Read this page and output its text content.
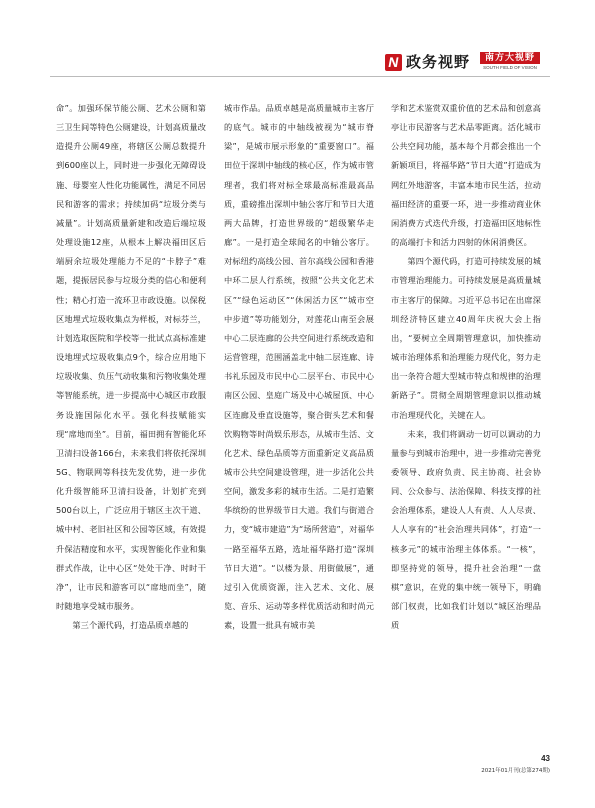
N 政务视野	南方大视野
SOUTH FIELD OF VISION

命”。加强环保节能公厕、艺术公厕和第三卫生间等特色公厕建设，计划高质量改造提升公厕49座，将辖区公厕总数提升到600座以上，同时进一步强化无障碍设施、母婴室人性化功能属性，满足不同居民和游客的需求；持续加码“垃圾分类与减量”。计划高质量新建和改造后端垃圾处理设施12座，从根本上解决福田区后端厨余垃圾处理能力不足的“卡脖子”难题，提振居民参与垃圾分类的信心和便利性；精心打造一流环卫市政设施。以保税区地埋式垃圾收集点为样板，对标芬兰，计划选取医院和学校等一批试点高标准建设地埋式垃圾收集点9个，综合应用地下垃圾收集、负压气动收集和污物收集处理等智能系统，进一步提高中心城区市政服务设施国际化水平。强化科技赋能实现“席地而坐”。目前，福田拥有智能化环卫清扫设备166台，未来我们将依托深圳5G、物联网等科技先发优势，进一步优化升级智能环卫清扫设备，计划扩充到500台以上，广泛应用于辖区主次干道、城中村、老旧社区和公园等区域，有效提升保洁精度和水平，实现智能化作业和集群式作战，让中心区“处处干净、时时干净”，让市民和游客可以“席地而坐”，随时随地享受城市服务。

第三个源代码，打造品质卓越的

城市作品。品质卓越是高质量城市主客厅的底气。城市的中轴线被视为“城市脊梁”，是城市展示形象的“重要窗口”。福田位于深圳中轴线的核心区，作为城市管理者，我们将对标全球最高标准最高品质，重磅推出深圳中轴公客厅和节日大道两大品牌，打造世界级的“超级繁华走廊”。一是打造全球闻名的中轴公客厅。对标纽约高线公园、首尔高线公园和香港中环二层人行系统，按照“公共文化艺术区”“绿色运动区”“休闲活力区”“城市空中步道”等功能划分，对莲花山南至会展中心二层连廊的公共空间进行系统改造和运营管理，范围涵盖北中轴二层连廊、诗书礼乐园及市民中心二层平台、市民中心南区公园、皇庭广场及中心城屋顶、中心区连廊及垂直设施等，聚合街头艺术和餐饮购物等时尚娱乐形态，从城市生活、文化艺术、绿色品质等方面重新定义高品质城市公共空间建设管理，进一步活化公共空间，激发多彩的城市生活。二是打造繁华缤纷的世界级节日大道。我们与街道合力，变“城市建造”为“场所营造”，对福华一路至福华五路，选址福华路打造“深圳节日大道”。“以楼为景、用街做展”，通过引入优质资源，注入艺术、文化、展览、音乐、运动等多样优质活动和时尚元素，设置一批具有城市美

学和艺术鉴赏双重价值的艺术品和创意高亭让市民游客与艺术品零距离。活化城市公共空间功能，基本每个月都会推出一个新颖项目，将福华路“节日大道”打造成为网红外地游客，丰富本地市民生活，拉动福田经济的重要一环，进一步推动商业休闲消费方式迭代升级，打造福田区地标性的高端打卡和活力四射的休闲消费区。

第四个源代码，打造可持续发展的城市管理治理能力。可持续发展是高质量城市主客厅的保障。习近平总书记在出席深圳经济特区建立40周年庆祝大会上指出，“要树立全周期管理意识，加快推动城市治理体系和治理能力现代化，努力走出一条符合超大型城市特点和规律的治理新路子”。贯彻全周期管理意识以推动城市治理现代化，关键在人。

未来，我们将调动一切可以调动的力量参与到城市治理中，进一步推动完善党委领导、政府负责、民主协商、社会协同、公众参与、法治保障、科技支撑的社会治理体系，建设人人有责、人人尽责、人人享有的“社会治理共同体”，打造“一核多元”的城市治理主体体系。“一核”，即坚持党的领导，提升社会治理“一盘棋”意识，在党的集中统一领导下，明确部门权责，比如我们计划以“城区治理品质

43
2021年01月刊(总第274期)
